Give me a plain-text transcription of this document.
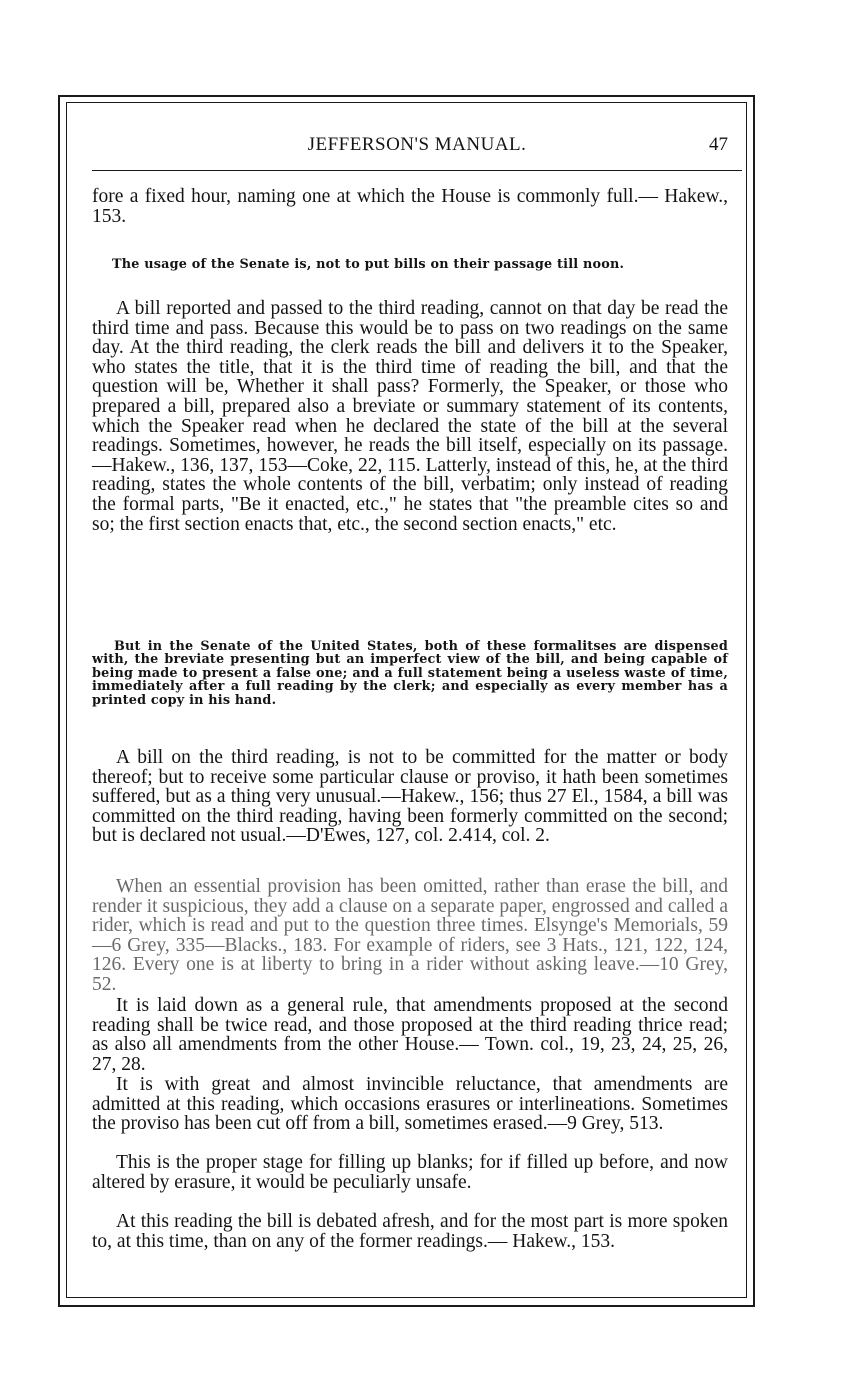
JEFFERSON'S MANUAL.	47

fore a fixed hour, naming one at which the House is commonly full.— Hakew., 153.

The usage of the Senate is, not to put bills on their passage till noon.

A bill reported and passed to the third reading, cannot on that day be read the third time and pass. Because this would be to pass on two readings on the same day. At the third reading, the clerk reads the bill and delivers it to the Speaker, who states the title, that it is the third time of reading the bill, and that the question will be, Whether it shall pass? Formerly, the Speaker, or those who prepared a bill, prepared also a breviate or summary statement of its contents, which the Speaker read when he declared the state of the bill at the several readings. Sometimes, however, he reads the bill itself, especially on its passage.—Hakew., 136, 137, 153—Coke, 22, 115. Latterly, instead of this, he, at the third reading, states the whole contents of the bill, verbatim; only instead of reading the formal parts, "Be it enacted, etc.," he states that "the preamble cites so and so; the first section enacts that, etc., the second section enacts," etc.

But in the Senate of the United States, both of these formalitses are dispensed with, the breviate presenting but an imperfect view of the bill, and being capable of being made to present a false one; and a full statement being a useless waste of time, immediately after a full reading by the clerk; and especially as every member has a printed copy in his hand.

A bill on the third reading, is not to be committed for the matter or body thereof; but to receive some particular clause or proviso, it hath been sometimes suffered, but as a thing very unusual.—Hakew., 156; thus 27 El., 1584, a bill was committed on the third reading, having been formerly committed on the second; but is declared not usual.—D'Ewes, 127, col. 2.414, col. 2.

When an essential provision has been omitted, rather than erase the bill, and render it suspicious, they add a clause on a separate paper, engrossed and called a rider, which is read and put to the question three times. Elsynge's Memorials, 59—6 Grey, 335—Blacks., 183. For example of riders, see 3 Hats., 121, 122, 124, 126. Every one is at liberty to bring in a rider without asking leave.—10 Grey, 52.

It is laid down as a general rule, that amendments proposed at the second reading shall be twice read, and those proposed at the third reading thrice read; as also all amendments from the other House.— Town. col., 19, 23, 24, 25, 26, 27, 28.

It is with great and almost invincible reluctance, that amendments are admitted at this reading, which occasions erasures or interlineations. Sometimes the proviso has been cut off from a bill, sometimes erased.—9 Grey, 513.

This is the proper stage for filling up blanks; for if filled up before, and now altered by erasure, it would be peculiarly unsafe.

At this reading the bill is debated afresh, and for the most part is more spoken to, at this time, than on any of the former readings.— Hakew., 153.
